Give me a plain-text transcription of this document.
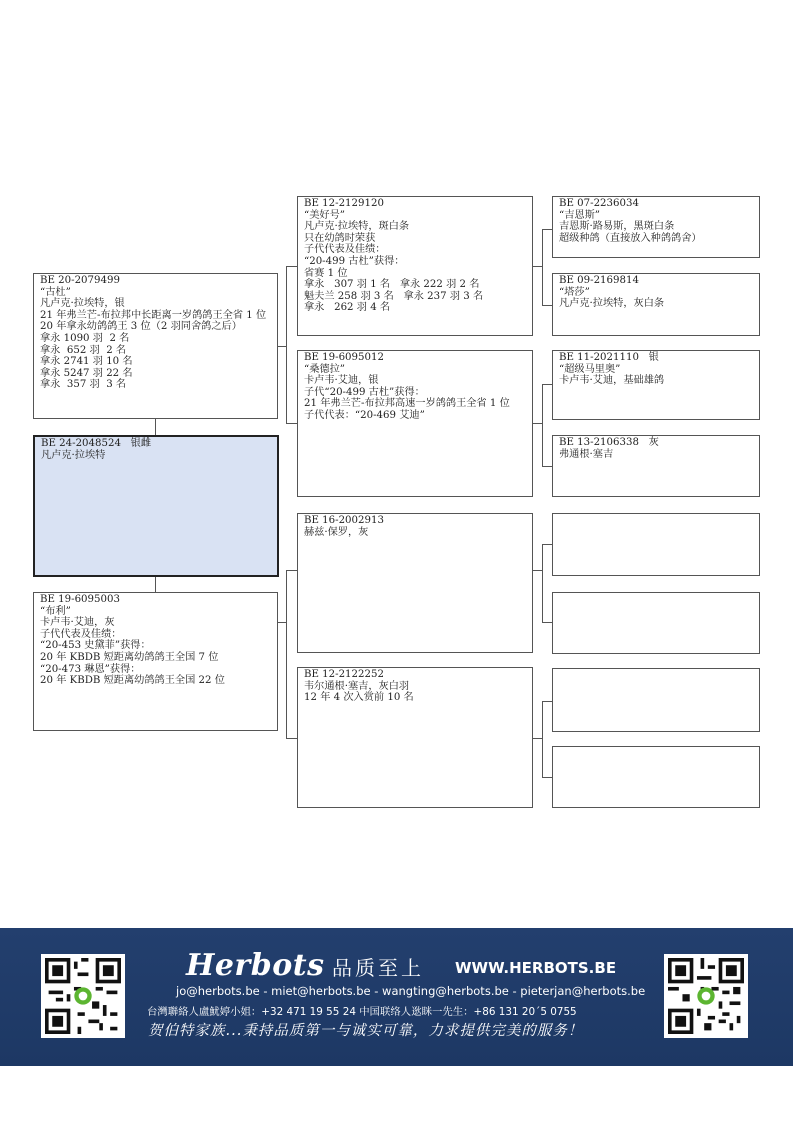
BE 20-2079499
“古杜”
凡卢克·拉埃特，银
21 年弗兰芒-布拉邦中长距离一岁鸽鸽王全省 1 位
20 年拿永幼鸽鸽王 3 位（2 羽同舍鸽之后）
拿永 1090 羽  2 名
拿永  652 羽  2 名
拿永 2741 羽 10 名
拿永 5247 羽 22 名
拿永  357 羽  3 名
BE 24-2048524   银雌
凡卢克·拉埃特
BE 19-6095003
“布利”
卡卢韦·艾迪，灰
子代代表及佳绩：
“20-453 史黛菲”获得：
20 年 KBDB 短距离幼鸽鸽王全国 7 位
“20-473 琳恩”获得：
20 年 KBDB 短距离幼鸽鸽王全国 22 位
BE 12-2129120
“美好号”
凡卢克·拉埃特，斑白条
只在幼鸽时荣获
子代代表及佳绩：
“20-499 古杜”获得：
省赛 1 位
拿永   307 羽 1 名   拿永 222 羽 2 名
魁夫兰 258 羽 3 名   拿永 237 羽 3 名
拿永   262 羽 4 名
BE 19-6095012
“桑德拉”
卡卢韦·艾迪，银
子代“20-499 古杜”获得：
21 年弗兰芒-布拉邦高速一岁鸽鸽王全省 1 位
子代代表：“20-469 艾迪”
BE 16-2002913
赫兹·保罗，灰
BE 12-2122252
韦尔通根·塞吉，灰白羽
12 年 4 次入赏前 10 名
BE 07-2236034
“吉恩斯”
吉恩斯·路易斯，黑斑白条
超级种鸽（直接放入种鸽鸽舍）
BE 09-2169814
“塔莎”
凡卢克·拉埃特，灰白条
BE 11-2021110   银
“超级马里奥”
卡卢韦·艾迪，基础雄鸽
BE 13-2106338   灰
弗通根·塞吉
Herbots 品质至上 WWW.HERBOTS.BE
jo@herbots.be - miet@herbots.be - wangting@herbots.be - pieterjan@herbots.be
台灣聯絡人盧魷婷小姐：+32 471 19 55 24 中国联络人逖眯一先生：+86 131 20´5 0755
贺伯特家族...秉持品质第一与诚实可靠，力求提供完美的服务！
